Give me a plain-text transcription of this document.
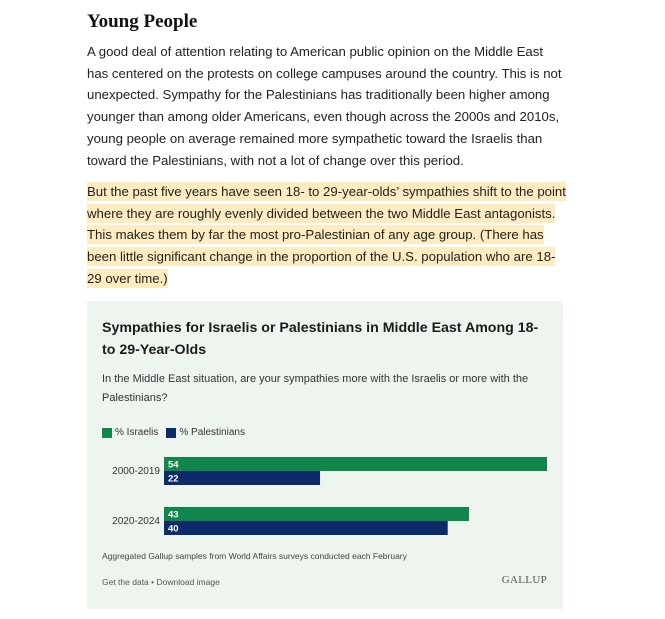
Young People

A good deal of attention relating to American public opinion on the Middle East has centered on the protests on college campuses around the country. This is not unexpected. Sympathy for the Palestinians has traditionally been higher among younger than among older Americans, even though across the 2000s and 2010s, young people on average remained more sympathetic toward the Israelis than toward the Palestinians, with not a lot of change over this period.

But the past five years have seen 18- to 29-year-olds’ sympathies shift to the point where they are roughly evenly divided between the two Middle East antagonists. This makes them by far the most pro-Palestinian of any age group. (There has been little significant change in the proportion of the U.S. population who are 18-29 over time.)

Sympathies for Israelis or Palestinians in Middle East Among 18- to 29-Year-Olds

In the Middle East situation, are your sympathies more with the Israelis or more with the Palestinians?

% Israelis % Palestinians
2000-2019
54
22
2020-2024
43
40
Aggregated Gallup samples from World Affairs surveys conducted each February
Get the data • Download image	GALLUP
